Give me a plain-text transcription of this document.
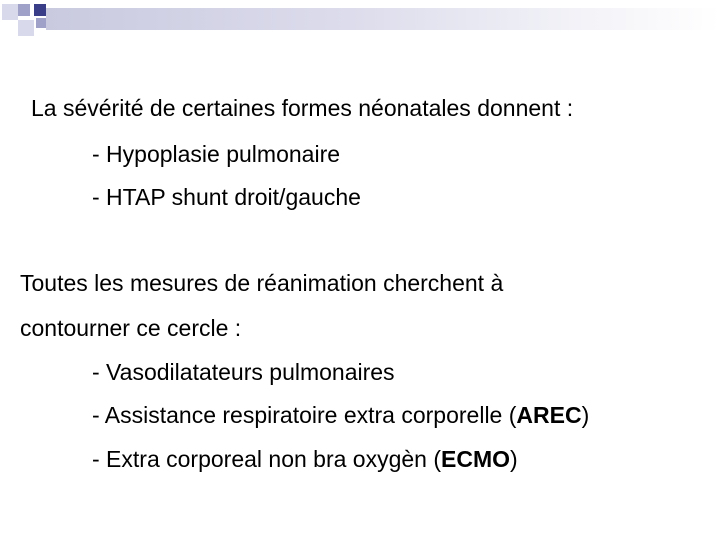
La sévérité de certaines formes néonatales donnent :
- Hypoplasie pulmonaire
- HTAP shunt droit/gauche
Toutes les mesures de réanimation cherchent à
contourner ce cercle :
- Vasodilatateurs pulmonaires
- Assistance respiratoire extra corporelle (AREC)
- Extra corporeal non bra oxygèn (ECMO)
